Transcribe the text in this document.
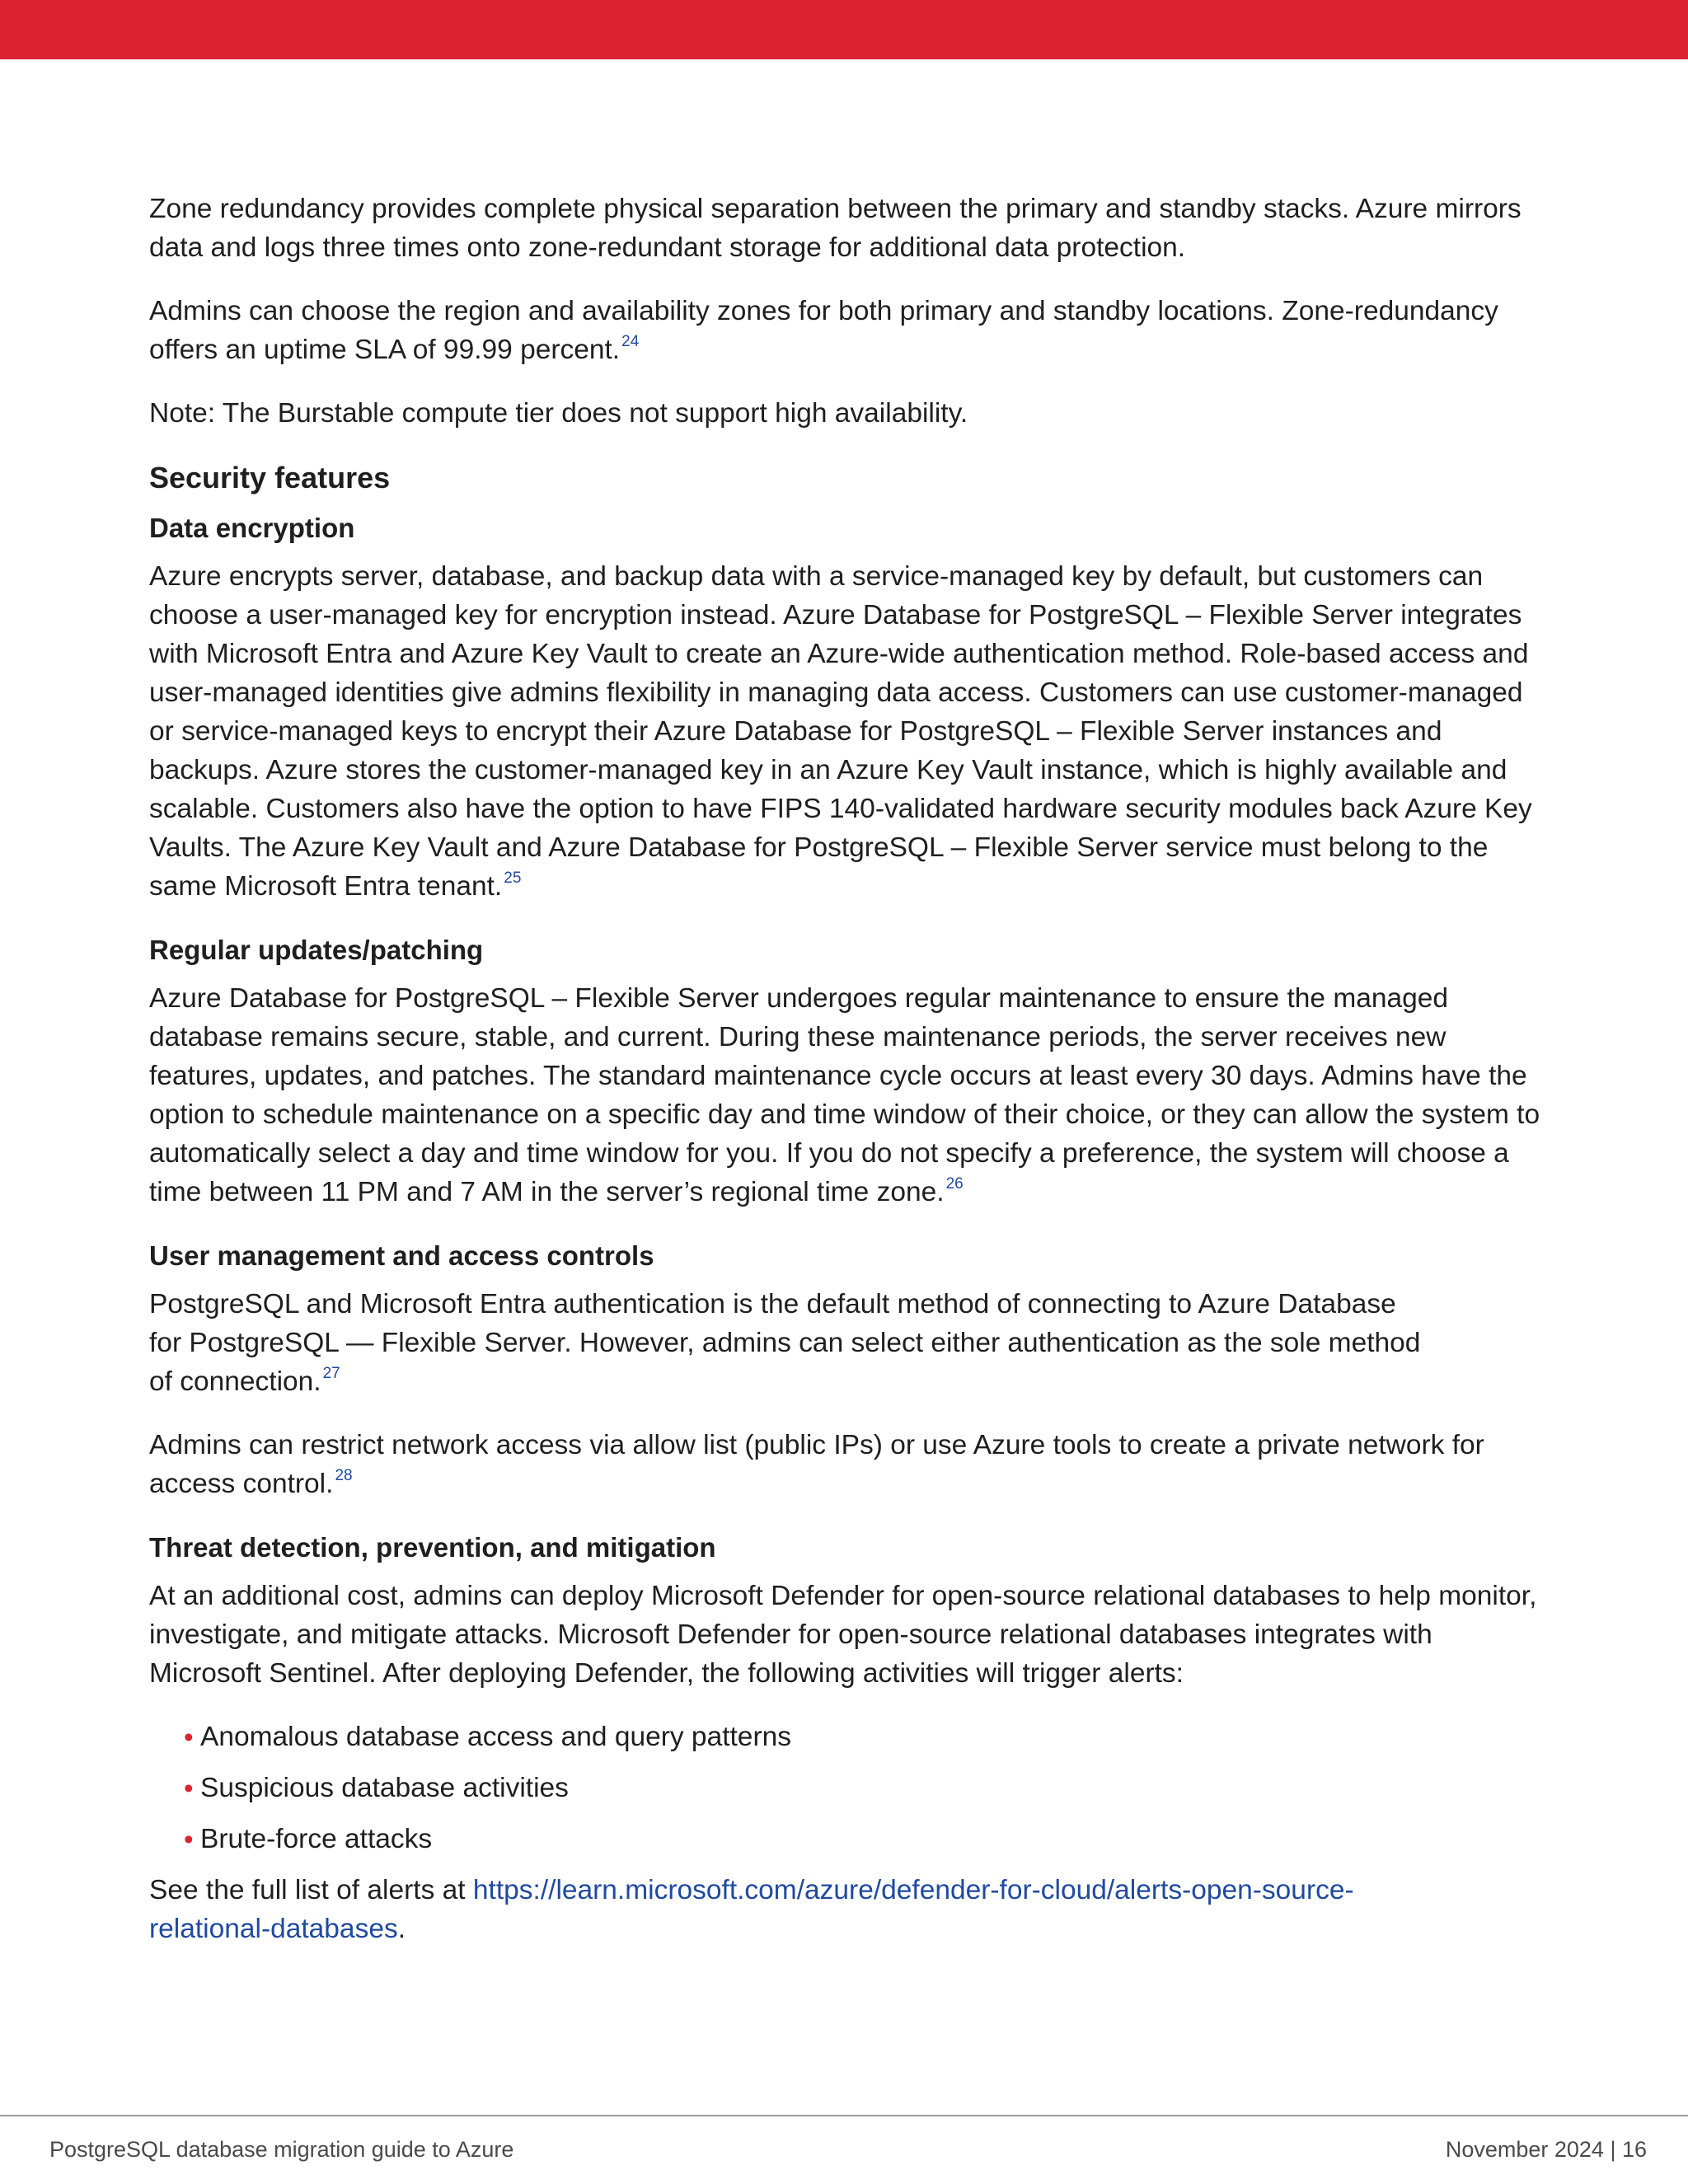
Zone redundancy provides complete physical separation between the primary and standby stacks. Azure mirrors data and logs three times onto zone-redundant storage for additional data protection.

Admins can choose the region and availability zones for both primary and standby locations. Zone-redundancy offers an uptime SLA of 99.99 percent. $^{24}$

Note: The Burstable compute tier does not support high availability.

Security features
Data encryption

Azure encrypts server, database, and backup data with a service-managed key by default, but customers can choose a user-managed key for encryption instead. Azure Database for PostgreSQL – Flexible Server integrates with Microsoft Entra and Azure Key Vault to create an Azure-wide authentication method. Role-based access and user-managed identities give admins flexibility in managing data access. Customers can use customer-managed or service-managed keys to encrypt their Azure Database for PostgreSQL – Flexible Server instances and backups. Azure stores the customer-managed key in an Azure Key Vault instance, which is highly available and scalable. Customers also have the option to have FIPS 140-validated hardware security modules back Azure Key Vaults. The Azure Key Vault and Azure Database for PostgreSQL – Flexible Server service must belong to the same Microsoft Entra tenant. $^{25}$

Regular updates/patching

Azure Database for PostgreSQL – Flexible Server undergoes regular maintenance to ensure the managed database remains secure, stable, and current. During these maintenance periods, the server receives new features, updates, and patches. The standard maintenance cycle occurs at least every 30 days. Admins have the option to schedule maintenance on a specific day and time window of their choice, or they can allow the system to automatically select a day and time window for you. If you do not specify a preference, the system will choose a time between 11 PM and 7 AM in the server’s regional time zone. $^{26}$

User management and access controls

PostgreSQL and Microsoft Entra authentication is the default method of connecting to Azure Database
for PostgreSQL — Flexible Server. However, admins can select either authentication as the sole method
of connection. $^{27}$

Admins can restrict network access via allow list (public IPs) or use Azure tools to create a private network for access control. $^{28}$

Threat detection, prevention, and mitigation

At an additional cost, admins can deploy Microsoft Defender for open-source relational databases to help monitor, investigate, and mitigate attacks. Microsoft Defender for open-source relational databases integrates with Microsoft Sentinel. After deploying Defender, the following activities will trigger alerts:

• Anomalous database access and query patterns
• Suspicious database activities
• Brute-force attacks

See the full list of alerts at https://learn.microsoft.com/azure/defender-for-cloud/alerts-open-source-
relational-databases.

PostgreSQL database migration guide to Azure	November 2024 | 16
